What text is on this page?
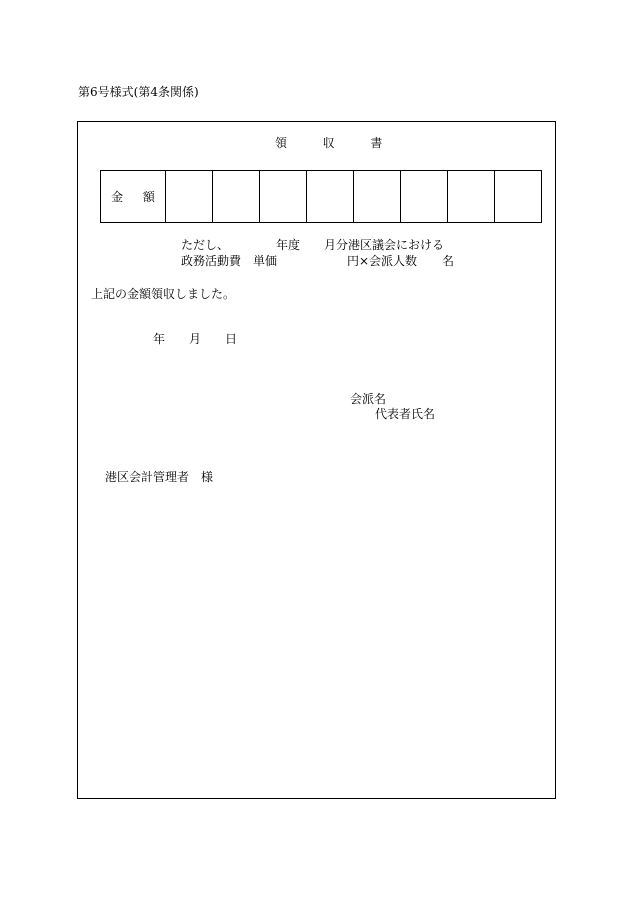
第6号様式(第4条関係)
領	収	書
金 額								
ただし、	年度 月分港区議会における
政務活動費　単価	円×会派人数 名
上記の金額領収しました。
年 月 日
会派名
代表者氏名
港区会計管理者　様
